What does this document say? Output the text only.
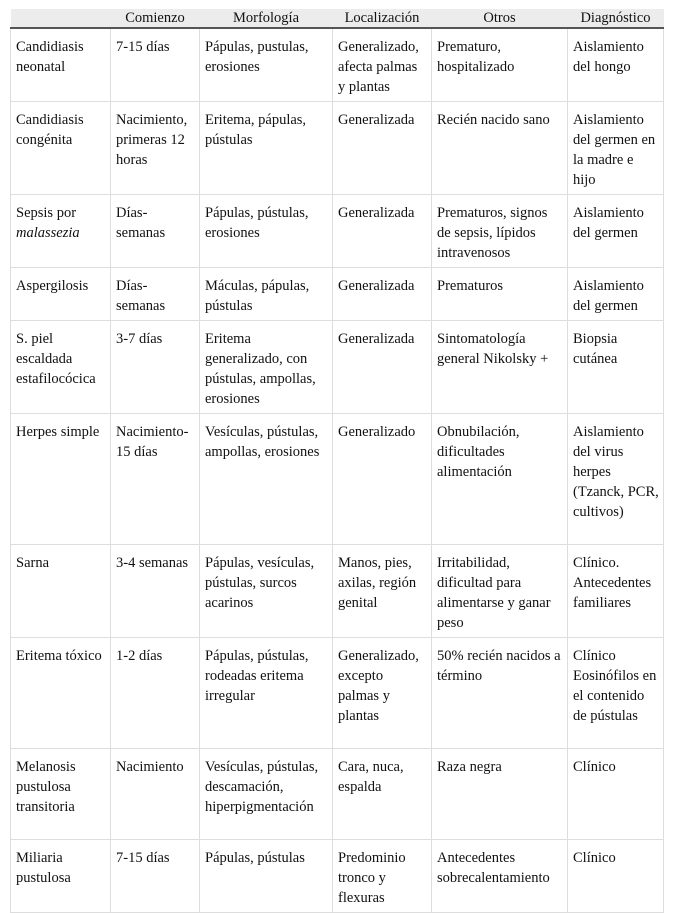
	Comienzo	Morfología	Localización	Otros	Diagnóstico
Candidiasis neonatal	7-15 días	Pápulas, pustulas, erosiones	Generalizado, afecta palmas y plantas	Prematuro, hospitalizado	Aislamiento del hongo
Candidiasis congénita	Nacimiento, primeras 12 horas	Eritema, pápulas, pústulas	Generalizada	Recién nacido sano	Aislamiento del germen en la madre e hijo
Sepsis por malassezia	Días-semanas	Pápulas, pústulas, erosiones	Generalizada	Prematuros, signos de sepsis, lípidos intravenosos	Aislamiento del germen
Aspergilosis	Días-semanas	Máculas, pápulas, pústulas	Generalizada	Prematuros	Aislamiento del germen
S. piel escaldada estafilocócica	3-7 días	Eritema generalizado, con pústulas, ampollas, erosiones	Generalizada	Sintomatología general Nikolsky +	Biopsia cutánea
Herpes simple	Nacimiento-15 días	Vesículas, pústulas, ampollas, erosiones	Generalizado	Obnubilación, dificultades alimentación	Aislamiento del virus herpes (Tzanck, PCR, cultivos)
Sarna	3-4 semanas	Pápulas, vesículas, pústulas, surcos acarinos	Manos, pies, axilas, región genital	Irritabilidad, dificultad para alimentarse y ganar peso	Clínico. Antecedentes familiares
Eritema tóxico	1-2 días	Pápulas, pústulas, rodeadas eritema irregular	Generalizado, excepto palmas y plantas	50% recién nacidos a término	Clínico Eosinófilos en el contenido de pústulas
Melanosis pustulosa transitoria	Nacimiento	Vesículas, pústulas, descamación, hiperpigmentación	Cara, nuca, espalda	Raza negra	Clínico
Miliaria pustulosa	7-15 días	Pápulas, pústulas	Predominio tronco y flexuras	Antecedentes sobrecalentamiento	Clínico
